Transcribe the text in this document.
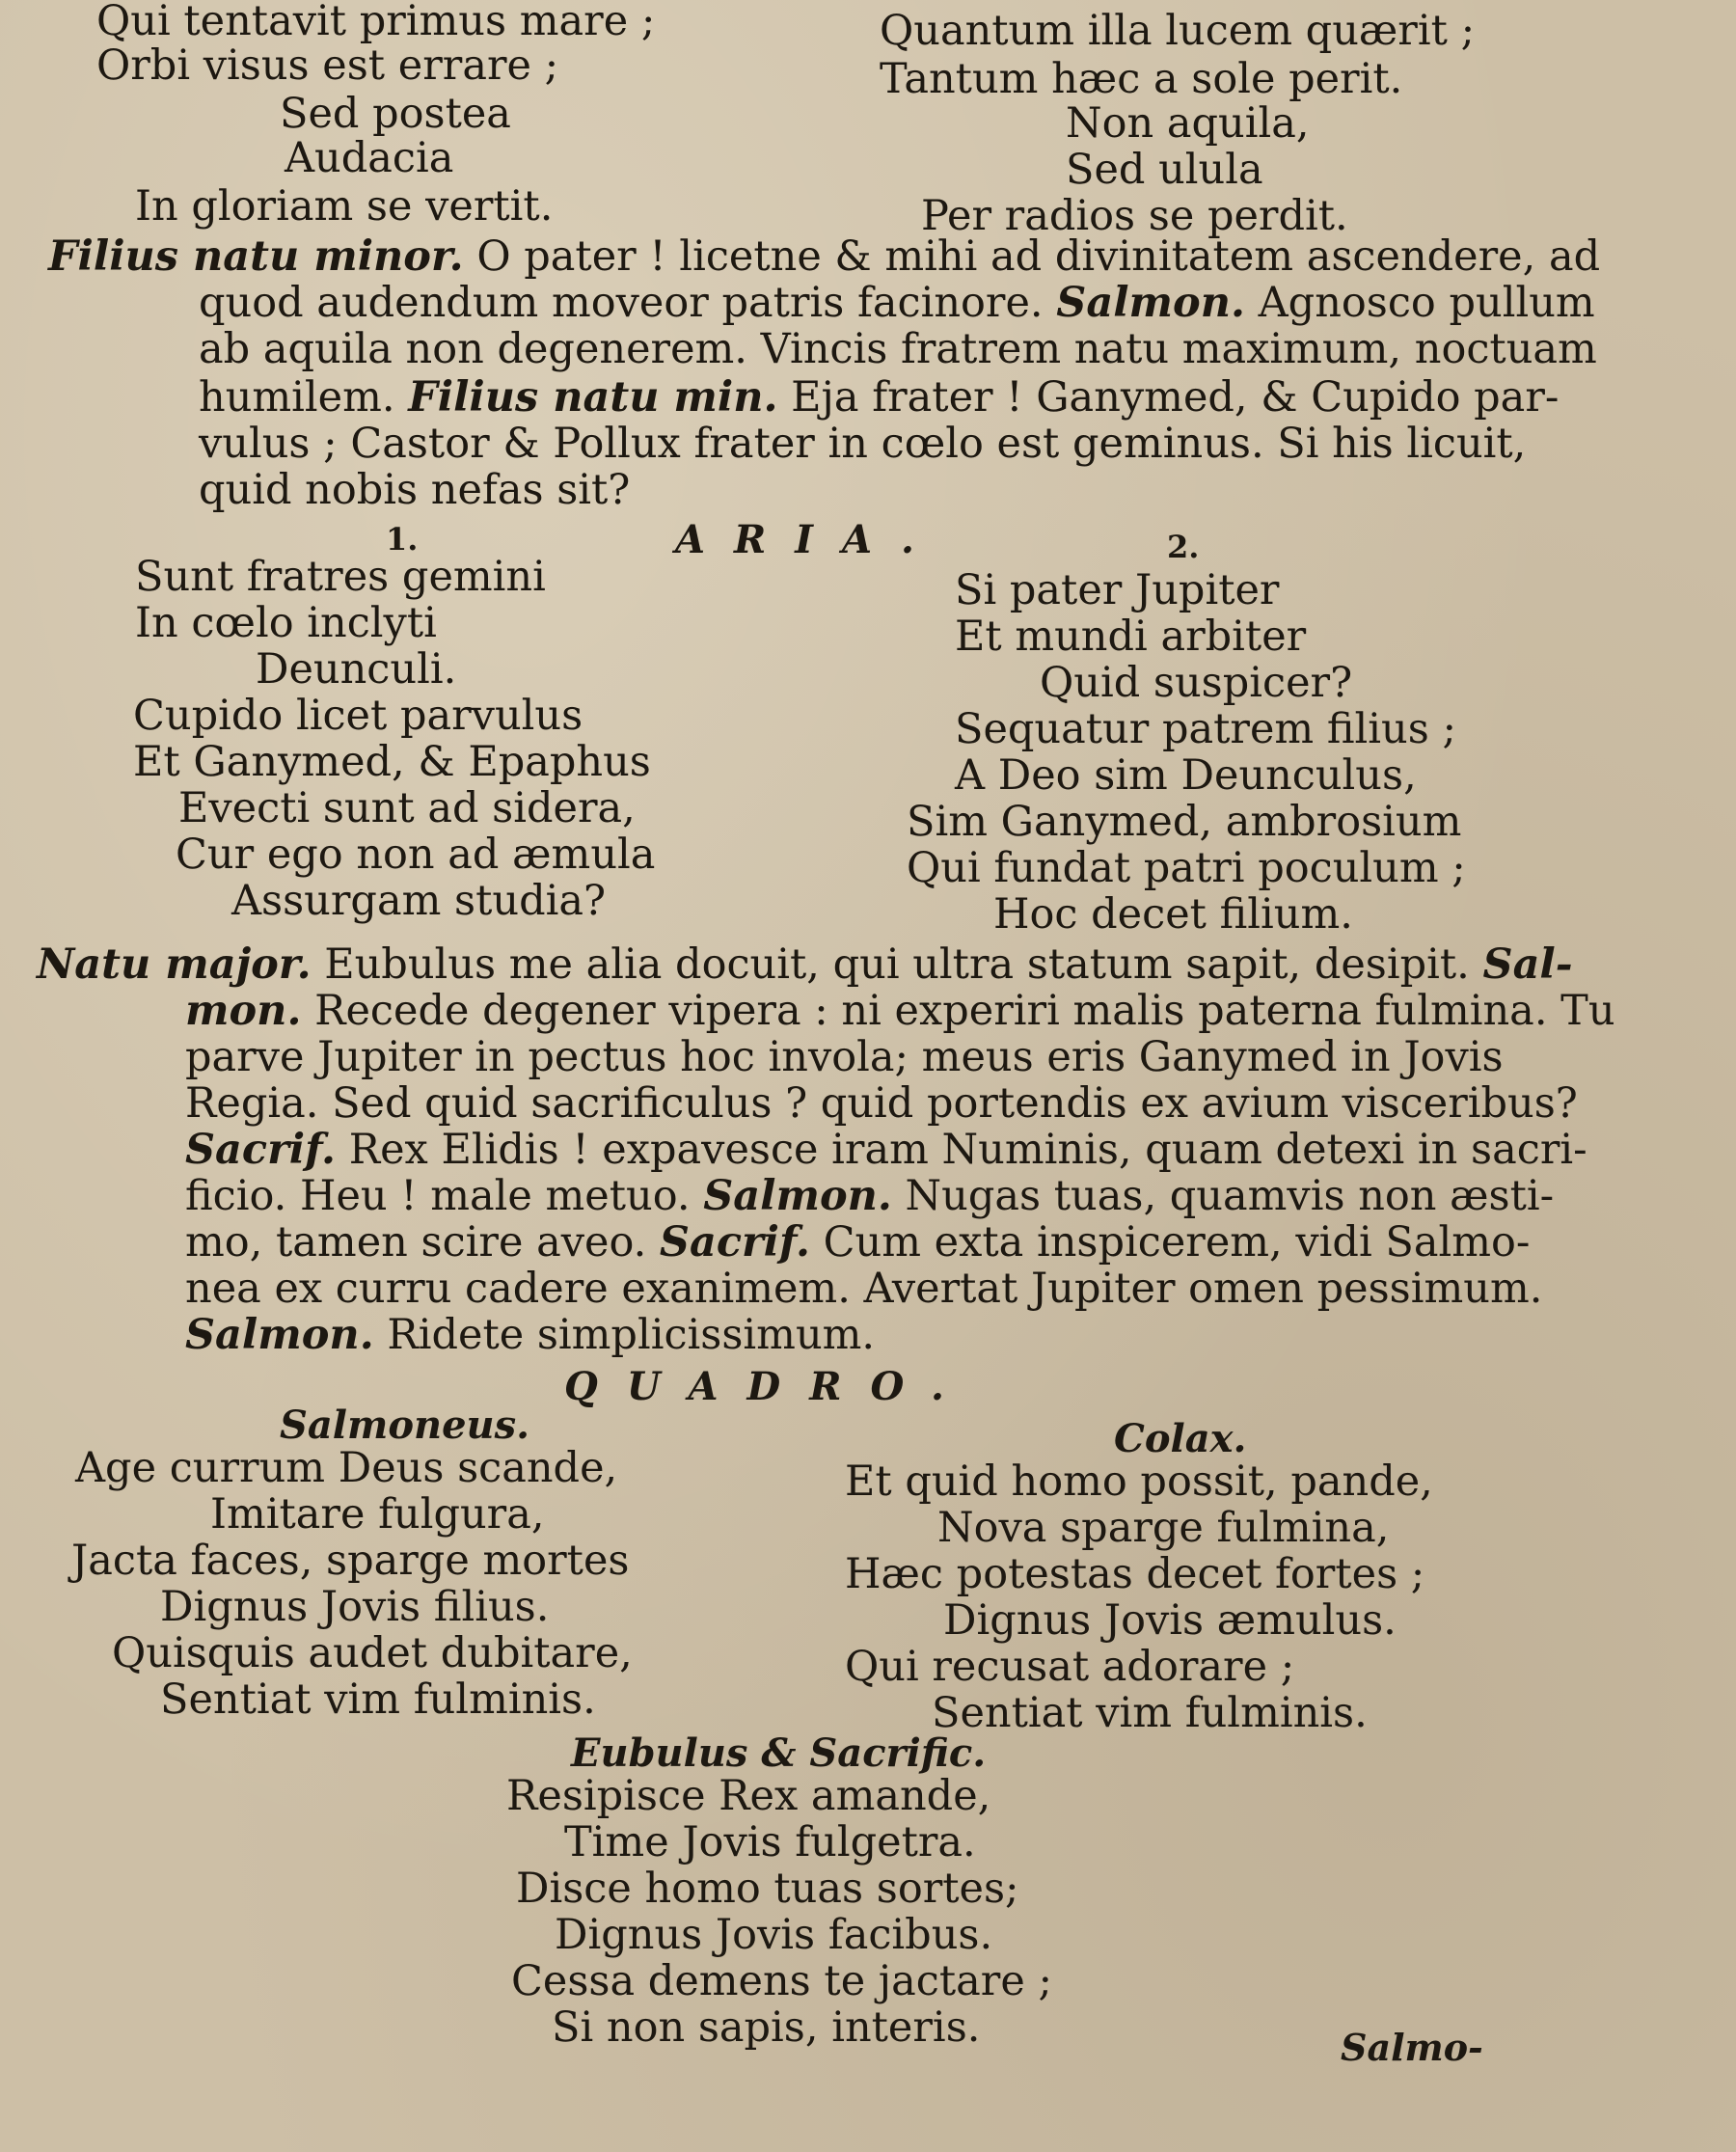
Qui tentavit primus mare ;
Orbi visus est errare ;
Sed postea
Audacia
In gloriam se vertit.
Quantum illa lucem quærit ;
Tantum hæc a sole perit.
Non aquila,
Sed ulula
Per radios se perdit.
Filius natu minor. O pater ! licetne & mihi ad divinitatem ascendere, ad
quod audendum moveor patris facinore. Salmon. Agnosco pullum
ab aquila non degenerem. Vincis fratrem natu maximum, noctuam
humilem. Filius natu min. Eja frater ! Ganymed, & Cupido par-
vulus ; Castor & Pollux frater in cœlo est geminus. Si his licuit,
quid nobis nefas sit?
1.	ARIA.	2.
Sunt fratres gemini
In cœlo inclyti
Deunculi.
Cupido licet parvulus
Et Ganymed, & Epaphus
Evecti sunt ad sidera,
Cur ego non ad æmula
Assurgam studia?
Si pater Jupiter
Et mundi arbiter
Quid suspicer?
Sequatur patrem filius ;
A Deo sim Deunculus,
Sim Ganymed, ambrosium
Qui fundat patri poculum ;
Hoc decet filium.
Natu major. Eubulus me alia docuit, qui ultra statum sapit, desipit. Sal-
mon. Recede degener vipera : ni experiri malis paterna fulmina. Tu
parve Jupiter in pectus hoc involа; meus eris Ganymed in Jovis
Regia. Sed quid sacrificulus ? quid portendis ex avium visceribus?
Sacrif. Rex Elidis ! expavesce iram Numinis, quam detexi in sacri-
ficio. Heu ! male metuo. Salmon. Nugas tuas, quamvis non æsti-
mo, tamen scire aveo. Sacrif. Cum exta inspicerem, vidi Salmo-
nea ex curru cadere exanimem. Avertat Jupiter omen pessimum.
Salmon. Ridete simplicissimum.
QUADRO.
Salmoneus.	Colax.
Age currum Deus scande,
Imitare fulgura,
Jacta faces, sparge mortes
Dignus Jovis filius.
Quisquis audet dubitare,
Sentiat vim fulminis.
Et quid homo possit, pande,
Nova sparge fulmina,
Hæc potestas decet fortes ;
Dignus Jovis æmulus.
Qui recusat adorare ;
Sentiat vim fulminis.
Eubulus & Sacrific.
Resipisce Rex amande,
Time Jovis fulgetra.
Disce homo tuas sortes;
Dignus Jovis facibus.
Cessa demens te jactare ;
Si non sapis, interis.	Salmo-
